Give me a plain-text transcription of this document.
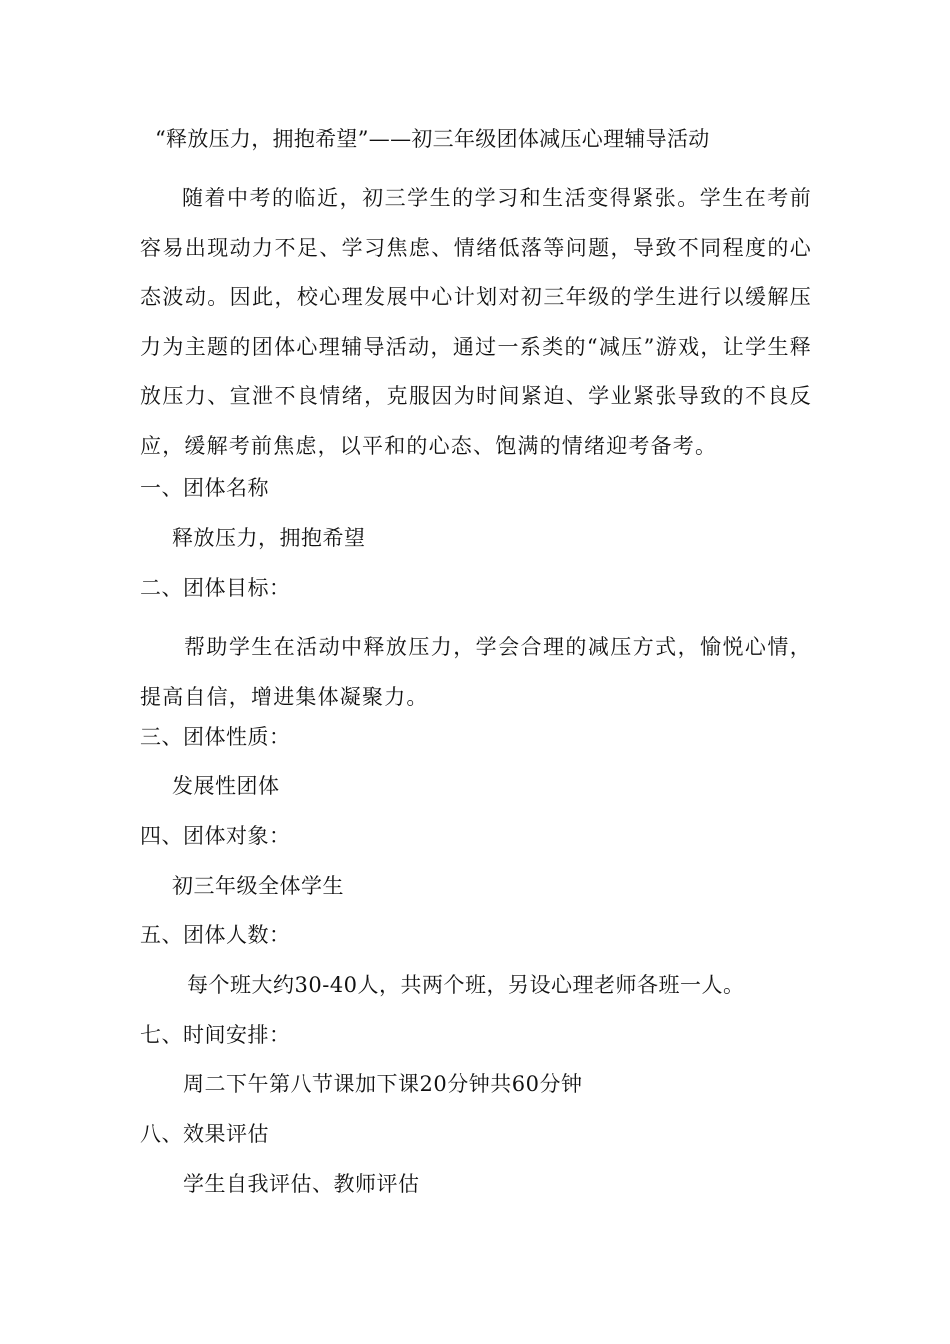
“释放压力，拥抱希望”——初三年级团体减压心理辅导活动
随着中考的临近，初三学生的学习和生活变得紧张。学生在考前容易出现动力不足、学习焦虑、情绪低落等问题，导致不同程度的心态波动。因此，校心理发展中心计划对初三年级的学生进行以缓解压力为主题的团体心理辅导活动，通过一系类的“减压”游戏，让学生释放压力、宣泄不良情绪，克服因为时间紧迫、学业紧张导致的不良反应，缓解考前焦虑，以平和的心态、饱满的情绪迎考备考。
一、团体名称
释放压力，拥抱希望
二、团体目标：
帮助学生在活动中释放压力，学会合理的减压方式，愉悦心情，提高自信，增进集体凝聚力。
三、团体性质：
发展性团体
四、团体对象：
初三年级全体学生
五、团体人数：
每个班大约30-40人，共两个班，另设心理老师各班一人。
七、时间安排：
周二下午第八节课加下课20分钟共60分钟
八、效果评估
学生自我评估、教师评估
